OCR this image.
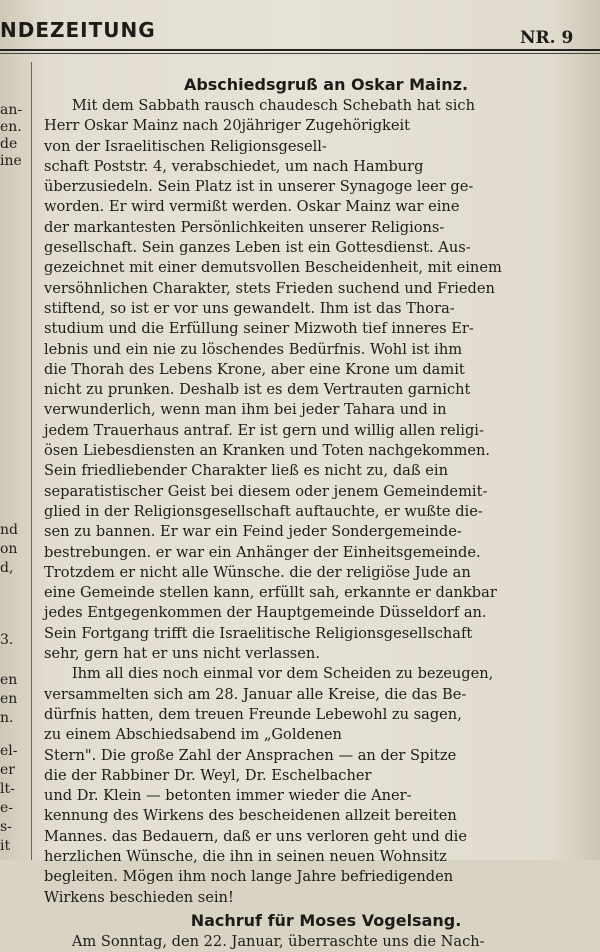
NDEZEITUNG	NR. 9
an-
en.
de
ine
nd
on
d,
3.
en
en
n.
el-
er
lt-
e-
s-
it
Abschiedsgruß an Oskar Mainz.
Mit dem Sabbath rausch chaudesch Schebath hat sich
Herr Oskar Mainz nach 20jähriger Zugehörigkeit
von der Israelitischen Religionsgesell-
schaft Poststr. 4, verabschiedet, um nach Hamburg
überzusiedeln. Sein Platz ist in unserer Synagoge leer ge-
worden. Er wird vermißt werden. Oskar Mainz war eine
der markantesten Persönlichkeiten unserer Religions-
gesellschaft. Sein ganzes Leben ist ein Gottesdienst. Aus-
gezeichnet mit einer demutsvollen Bescheidenheit, mit einem
versöhnlichen Charakter, stets Frieden suchend und Frieden
stiftend, so ist er vor uns gewandelt. Ihm ist das Thora-
studium und die Erfüllung seiner Mizwoth tief inneres Er-
lebnis und ein nie zu löschendes Bedürfnis. Wohl ist ihm
die Thorah des Lebens Krone, aber eine Krone um damit
nicht zu prunken. Deshalb ist es dem Vertrauten garnicht
verwunderlich, wenn man ihm bei jeder Tahara und in
jedem Trauerhaus antraf. Er ist gern und willig allen religi-
ösen Liebesdiensten an Kranken und Toten nachgekommen.
Sein friedliebender Charakter ließ es nicht zu, daß ein
separatistischer Geist bei diesem oder jenem Gemeindemit-
glied in der Religionsgesellschaft auftauchte, er wußte die-
sen zu bannen. Er war ein Feind jeder Sondergemeinde-
bestrebungen. er war ein Anhänger der Einheitsgemeinde.
Trotzdem er nicht alle Wünsche. die der religiöse Jude an
eine Gemeinde stellen kann, erfüllt sah, erkannte er dankbar
jedes Entgegenkommen der Hauptgemeinde Düsseldorf an.
Sein Fortgang trifft die Israelitische Religionsgesellschaft
sehr, gern hat er uns nicht verlassen.
Ihm all dies noch einmal vor dem Scheiden zu bezeugen,
versammelten sich am 28. Januar alle Kreise, die das Be-
dürfnis hatten, dem treuen Freunde Lebewohl zu sagen,
zu einem Abschiedsabend im „Goldenen
Stern". Die große Zahl der Ansprachen — an der Spitze
die der Rabbiner Dr. Weyl, Dr. Eschelbacher
und Dr. Klein — betonten immer wieder die Aner-
kennung des Wirkens des bescheidenen allzeit bereiten
Mannes. das Bedauern, daß er uns verloren geht und die
herzlichen Wünsche, die ihn in seinen neuen Wohnsitz
begleiten. Mögen ihm noch lange Jahre befriedigenden
Wirkens beschieden sein!
Nachruf für Moses Vogelsang.
Am Sonntag, den 22. Januar, überraschte uns die Nach-
